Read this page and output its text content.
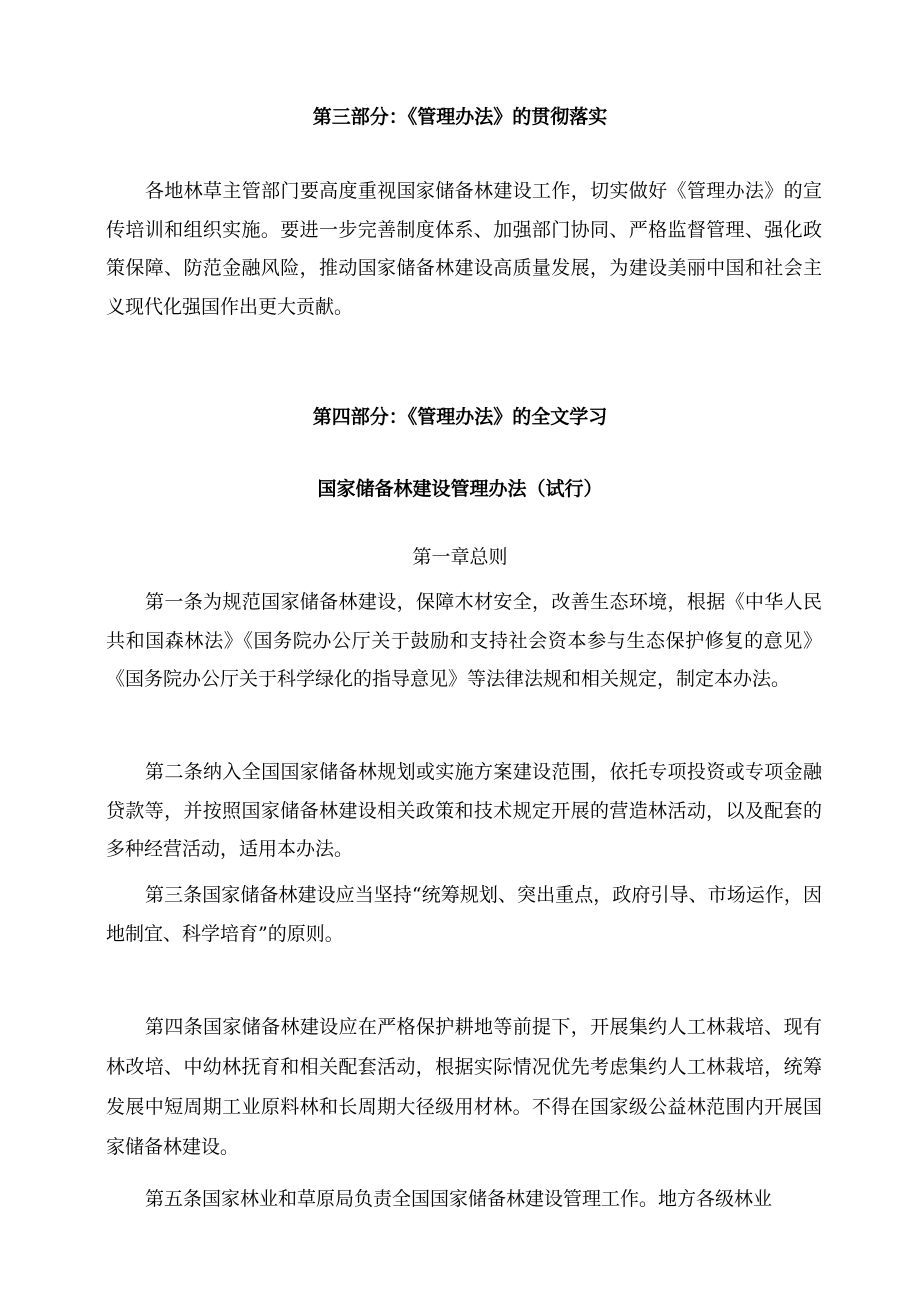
第三部分：《管理办法》的贯彻落实

各地林草主管部门要高度重视国家储备林建设工作，切实做好《管理办法》的宣传培训和组织实施。要进一步完善制度体系、加强部门协同、严格监督管理、强化政策保障、防范金融风险，推动国家储备林建设高质量发展，为建设美丽中国和社会主义现代化强国作出更大贡献。

第四部分：《管理办法》的全文学习
国家储备林建设管理办法（试行）

第一章总则

第一条为规范国家储备林建设，保障木材安全，改善生态环境，根据《中华人民共和国森林法》《国务院办公厅关于鼓励和支持社会资本参与生态保护修复的意见》《国务院办公厅关于科学绿化的指导意见》等法律法规和相关规定，制定本办法。

第二条纳入全国国家储备林规划或实施方案建设范围，依托专项投资或专项金融贷款等，并按照国家储备林建设相关政策和技术规定开展的营造林活动，以及配套的多种经营活动，适用本办法。

第三条国家储备林建设应当坚持“统筹规划、突出重点，政府引导、市场运作，因地制宜、科学培育”的原则。

第四条国家储备林建设应在严格保护耕地等前提下，开展集约人工林栽培、现有林改培、中幼林抚育和相关配套活动，根据实际情况优先考虑集约人工林栽培，统筹发展中短周期工业原料林和长周期大径级用材林。不得在国家级公益林范围内开展国家储备林建设。

第五条国家林业和草原局负责全国国家储备林建设管理工作。地方各级林业
